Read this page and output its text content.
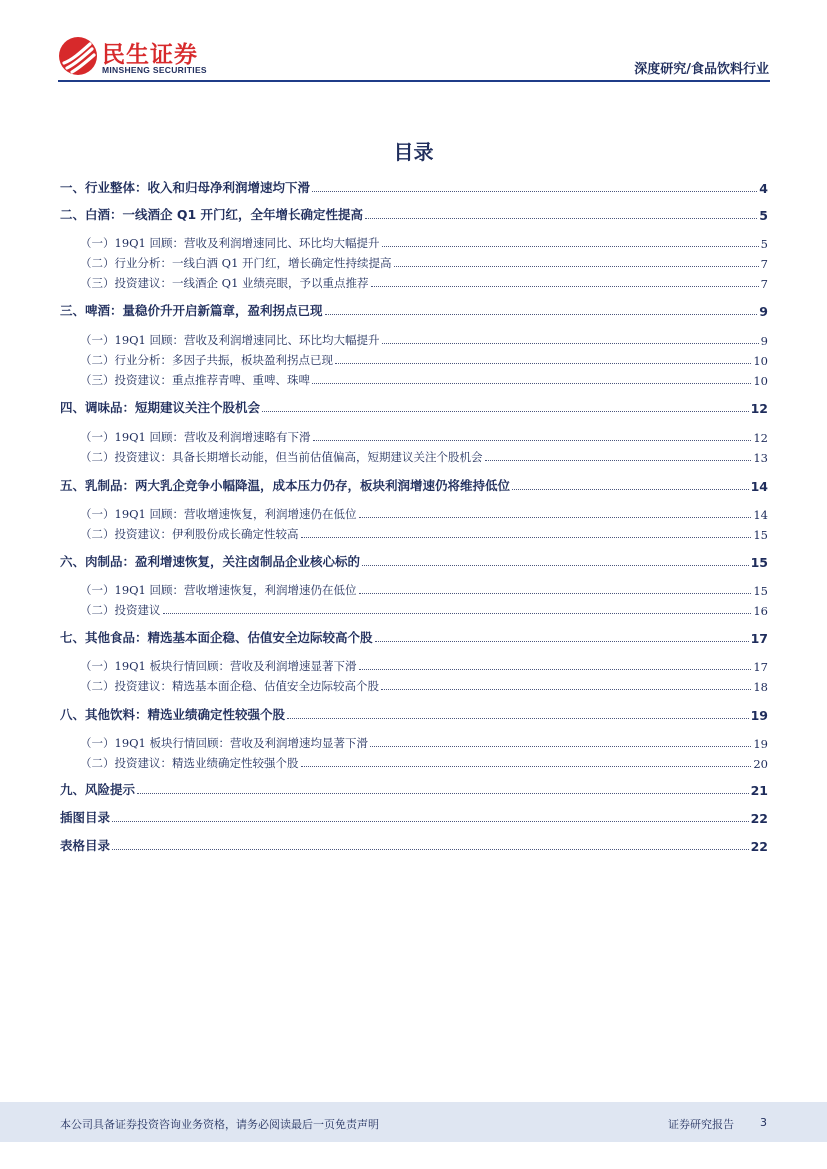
民生证券
MINSHENG SECURITIES	深度研究/食品饮料行业
目录
一、行业整体：收入和归母净利润增速均下滑	4
二、白酒：一线酒企 Q1 开门红，全年增长确定性提高	5
（一）19Q1 回顾：营收及利润增速同比、环比均大幅提升	5
（二）行业分析：一线白酒 Q1 开门红，增长确定性持续提高	7
（三）投资建议：一线酒企 Q1 业绩亮眼，予以重点推荐	7
三、啤酒：量稳价升开启新篇章，盈利拐点已现	9
（一）19Q1 回顾：营收及利润增速同比、环比均大幅提升	9
（二）行业分析：多因子共振，板块盈利拐点已现	10
（三）投资建议：重点推荐青啤、重啤、珠啤	10
四、调味品：短期建议关注个股机会	12
（一）19Q1 回顾：营收及利润增速略有下滑	12
（二）投资建议：具备长期增长动能，但当前估值偏高，短期建议关注个股机会	13
五、乳制品：两大乳企竞争小幅降温，成本压力仍存，板块利润增速仍将维持低位	14
（一）19Q1 回顾：营收增速恢复，利润增速仍在低位	14
（二）投资建议：伊利股份成长确定性较高	15
六、肉制品：盈利增速恢复，关注卤制品企业核心标的	15
（一）19Q1 回顾：营收增速恢复，利润增速仍在低位	15
（二）投资建议	16
七、其他食品：精选基本面企稳、估值安全边际较高个股	17
（一）19Q1 板块行情回顾：营收及利润增速显著下滑	17
（二）投资建议：精选基本面企稳、估值安全边际较高个股	18
八、其他饮料：精选业绩确定性较强个股	19
（一）19Q1 板块行情回顾：营收及利润增速均显著下滑	19
（二）投资建议：精选业绩确定性较强个股	20
九、风险提示	21
插图目录	22
表格目录	22
本公司具备证券投资咨询业务资格，请务必阅读最后一页免责声明	证券研究报告 3
